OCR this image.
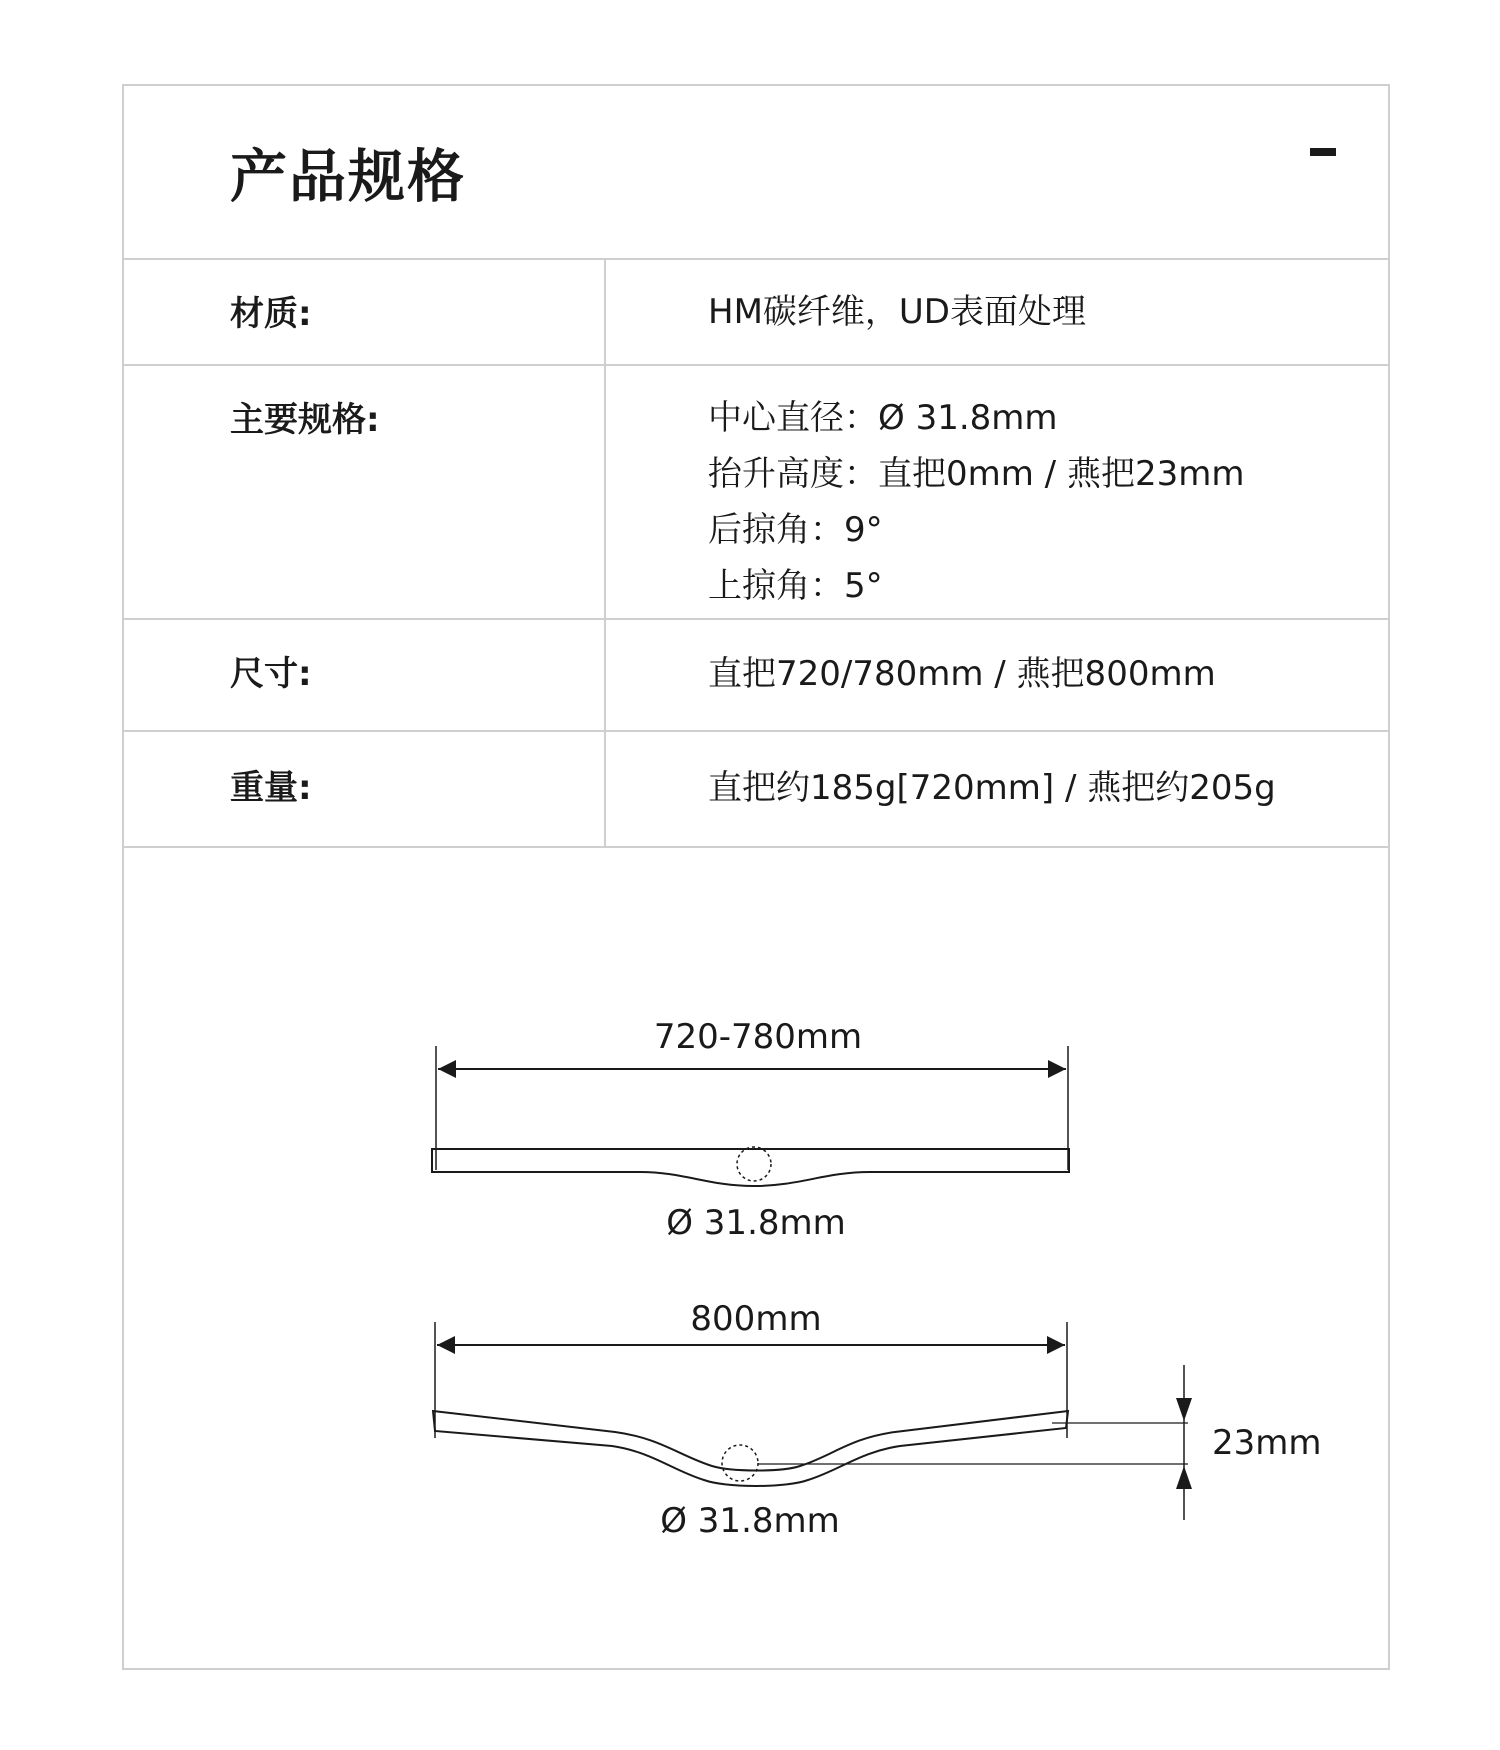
产品规格
材质:	HM碳纤维，UD表面处理
主要规格:	中心直径：Ø 31.8mm
抬升高度：直把0mm / 燕把23mm
后掠角：9°
上掠角：5°
尺寸:	直把720/780mm / 燕把800mm
重量:	直把约185g[720mm] / 燕把约205g
720-780mm
Ø 31.8mm
800mm
23mm
Ø 31.8mm
